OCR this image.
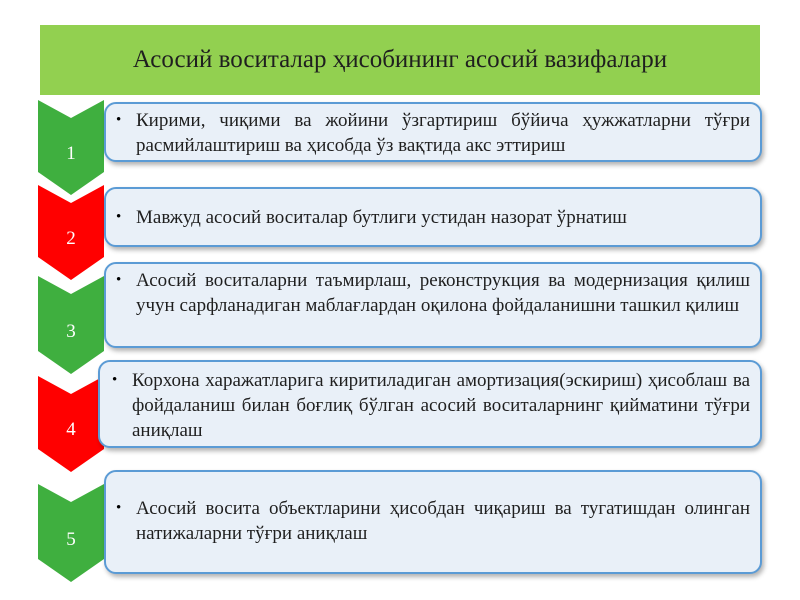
Асосий воситалар ҳисобининг асосий вазифалари
1
• Кирими, чиқими ва жойини ўзгартириш бўйича ҳужжатларни тўғри расмийлаштириш ва ҳисобда ўз вақтида акс эттириш
2
• Мавжуд асосий воситалар бутлиги устидан назорат ўрнатиш
3
• Асосий воситаларни таъмирлаш, реконструкция ва модернизация қилиш учун сарфланадиган маблағлардан оқилона фойдаланишни ташкил қилиш
4
• Корхона харажатларига киритиладиган амортизация(эскириш) ҳисоблаш ва фойдаланиш билан боғлиқ бўлган асосий воситаларнинг қийматини тўғри аниқлаш
5
• Асосий восита объектларини ҳисобдан чиқариш ва тугатишдан олинган натижаларни тўғри аниқлаш
